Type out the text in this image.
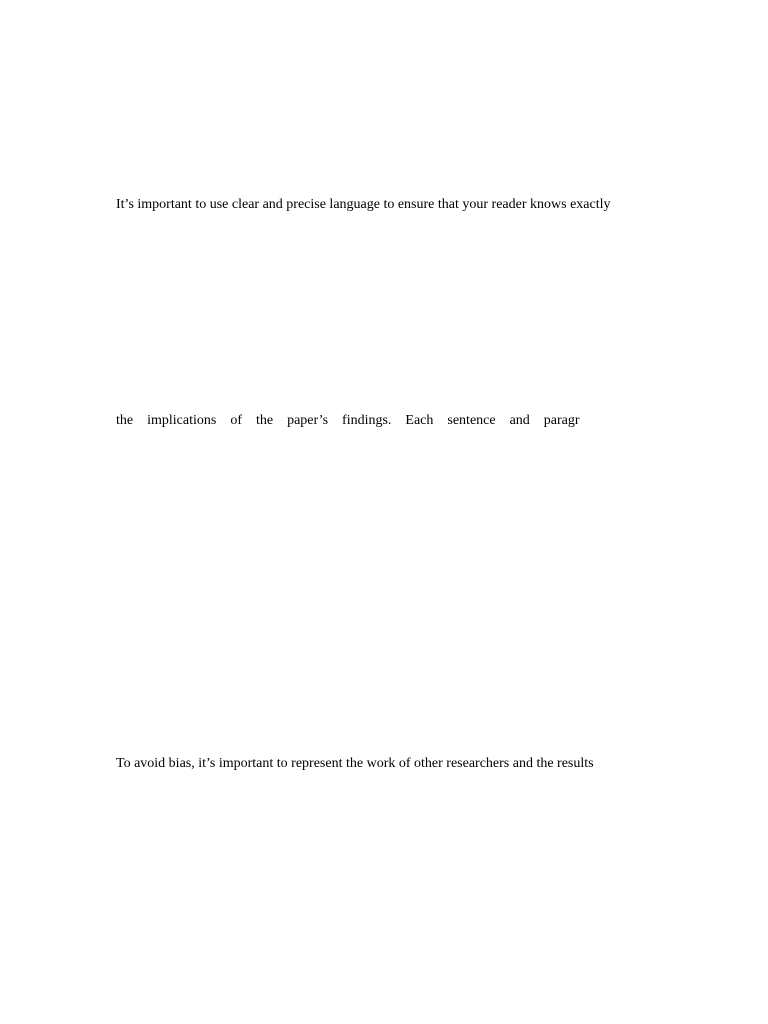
It’s important to use clear and precise language to ensure that your reader knows exactly
the implications of the paper’s findings. Each sentence and paragr
To avoid bias, it’s important to represent the work of other researchers and the results
